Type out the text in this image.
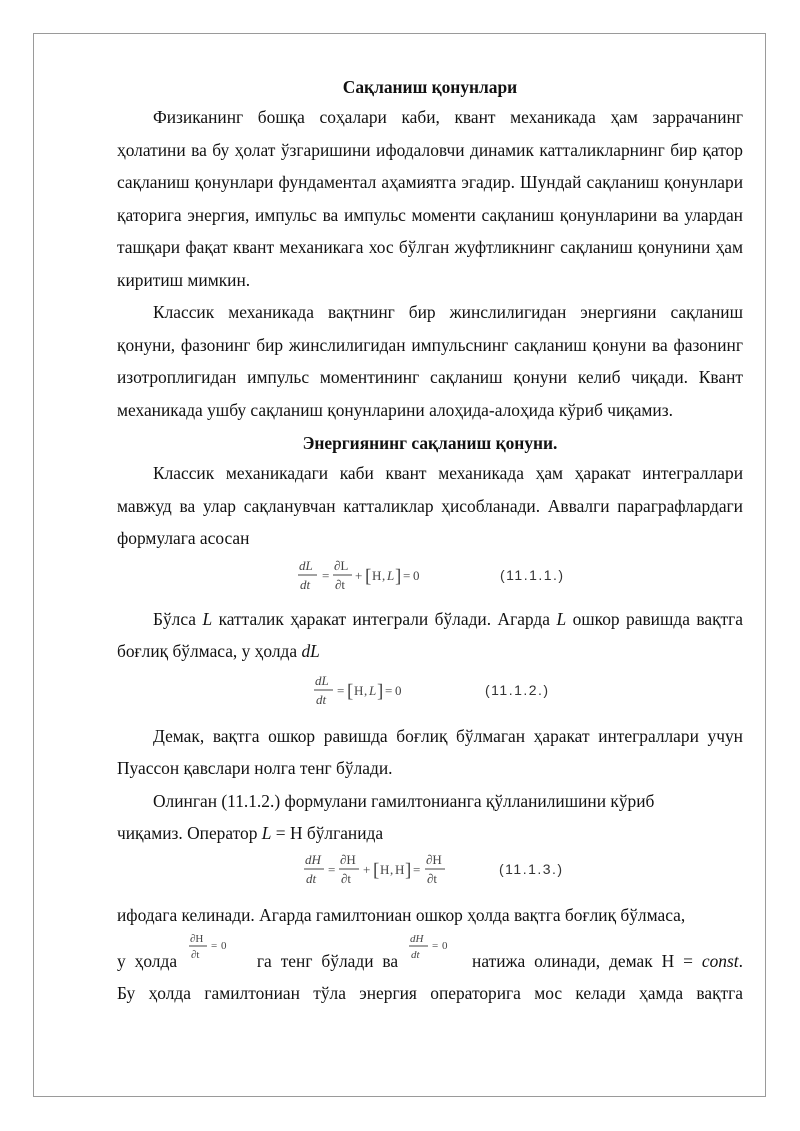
Сақланиш қонунлари

Физиканинг бошқа соҳалари каби, квант механикада ҳам заррачанинг ҳолатини ва бу ҳолат ўзгаришини ифодаловчи динамик катталикларнинг бир қатор сақланиш қонунлари фундаментал аҳамиятга эгадир. Шундай сақланиш қонунлари қаторига энергия, импульс ва импульс моменти сақланиш қонунларини ва улардан ташқари фақат квант механикага хос бўлган жуфтликнинг сақланиш қонунини ҳам киритиш мимкин.

Классик механикада вақтнинг бир жинслилигидан энергияни сақланиш қонуни, фазонинг бир жинслилигидан импульснинг сақланиш қонуни ва фазонинг изотроплигидан импульс моментининг сақланиш қонуни келиб чиқади. Квант механикада ушбу сақланиш қонунларини алоҳида-алоҳида кўриб чиқамиз.

Энергиянинг сақланиш қонуни.

Классик механикадаги каби квант механикада ҳам ҳаракат интеграллари мавжуд ва улар сақланувчан катталиклар ҳисобланади. Аввалги параграфлардаги формулага асосан

dL
dt
=
∂L
∂t
+ [ H , L ] = 0	(11.1.1.)

Бўлса L катталик ҳаракат интеграли бўлади. Агарда L ошкор равишда вақтга боғлиқ бўлмаса, у ҳолда dL

dL
dt
= [ H , L ] = 0	(11.1.2.)

Демак, вақтга ошкор равишда боғлиқ бўлмаган ҳаракат интеграллари учун Пуассон қавслари нолга тенг бўлади.

Олинган (11.1.2.) формулани гамилтонианга қўлланилишини кўриб

чиқамиз. Оператор L = Н бўлганида

dH
dt
=
∂H
∂t
+ [ H , H ] =
∂H
∂t
(11.1.3.)

ифодага келинади. Агарда гамилтониан ошкор ҳолда вақтга боғлиқ бўлмаса,

у ҳолда
∂H
∂t
= 0
га тенг бўлади ва
dH
dt
= 0
натижа олинади, демак Н = const.

Бу ҳолда гамилтониан тўла энергия операторига мос келади ҳамда вақтга
